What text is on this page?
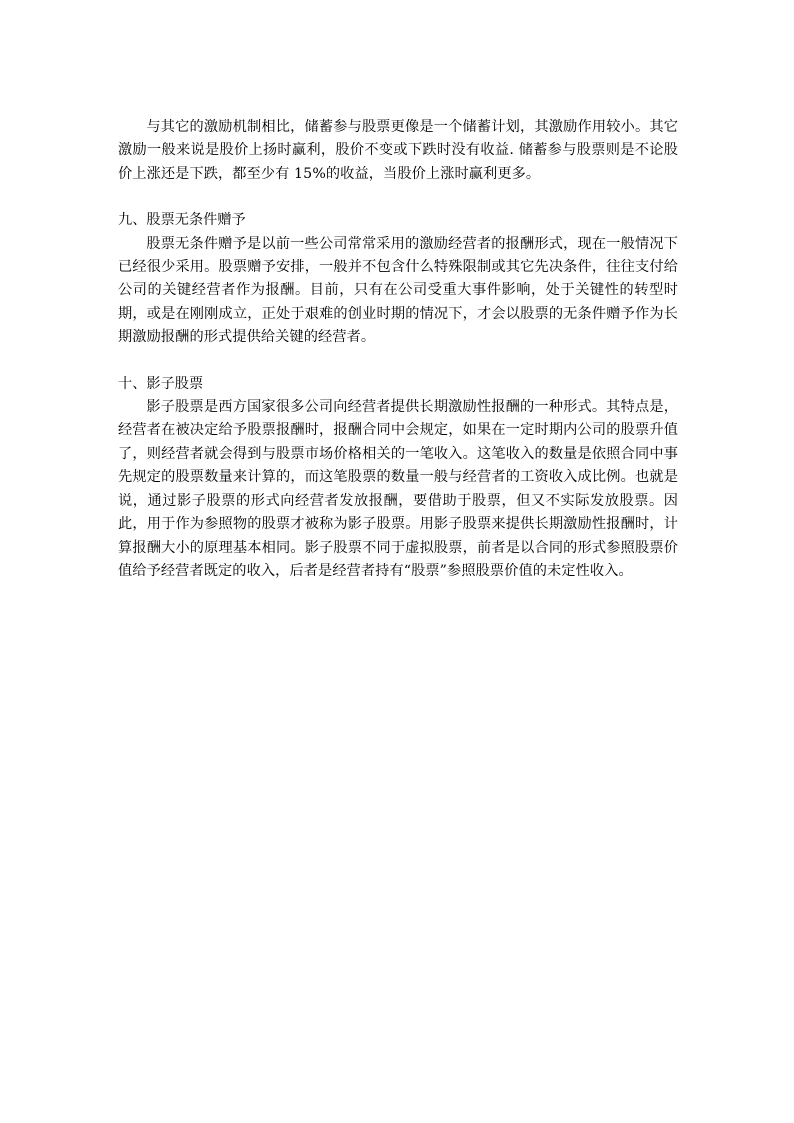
与其它的激励机制相比，储蓄参与股票更像是一个储蓄计划，其激励作用较小。其它激励一般来说是股价上扬时赢利，股价不变或下跌时没有收益. 储蓄参与股票则是不论股价上涨还是下跌，都至少有 15%的收益，当股价上涨时赢利更多。

九、股票无条件赠予

股票无条件赠予是以前一些公司常常采用的激励经营者的报酬形式，现在一般情况下已经很少采用。股票赠予安排，一般并不包含什么特殊限制或其它先决条件，往往支付给公司的关键经营者作为报酬。目前，只有在公司受重大事件影响，处于关键性的转型时期，或是在刚刚成立，正处于艰难的创业时期的情况下，才会以股票的无条件赠予作为长期激励报酬的形式提供给关键的经营者。

十、影子股票

影子股票是西方国家很多公司向经营者提供长期激励性报酬的一种形式。其特点是，经营者在被决定给予股票报酬时，报酬合同中会规定，如果在一定时期内公司的股票升值了，则经营者就会得到与股票市场价格相关的一笔收入。这笔收入的数量是依照合同中事先规定的股票数量来计算的，而这笔股票的数量一般与经营者的工资收入成比例。也就是说，通过影子股票的形式向经营者发放报酬，要借助于股票，但又不实际发放股票。因此，用于作为参照物的股票才被称为影子股票。用影子股票来提供长期激励性报酬时，计算报酬大小的原理基本相同。影子股票不同于虚拟股票，前者是以合同的形式参照股票价值给予经营者既定的收入，后者是经营者持有“股票”参照股票价值的未定性收入。
